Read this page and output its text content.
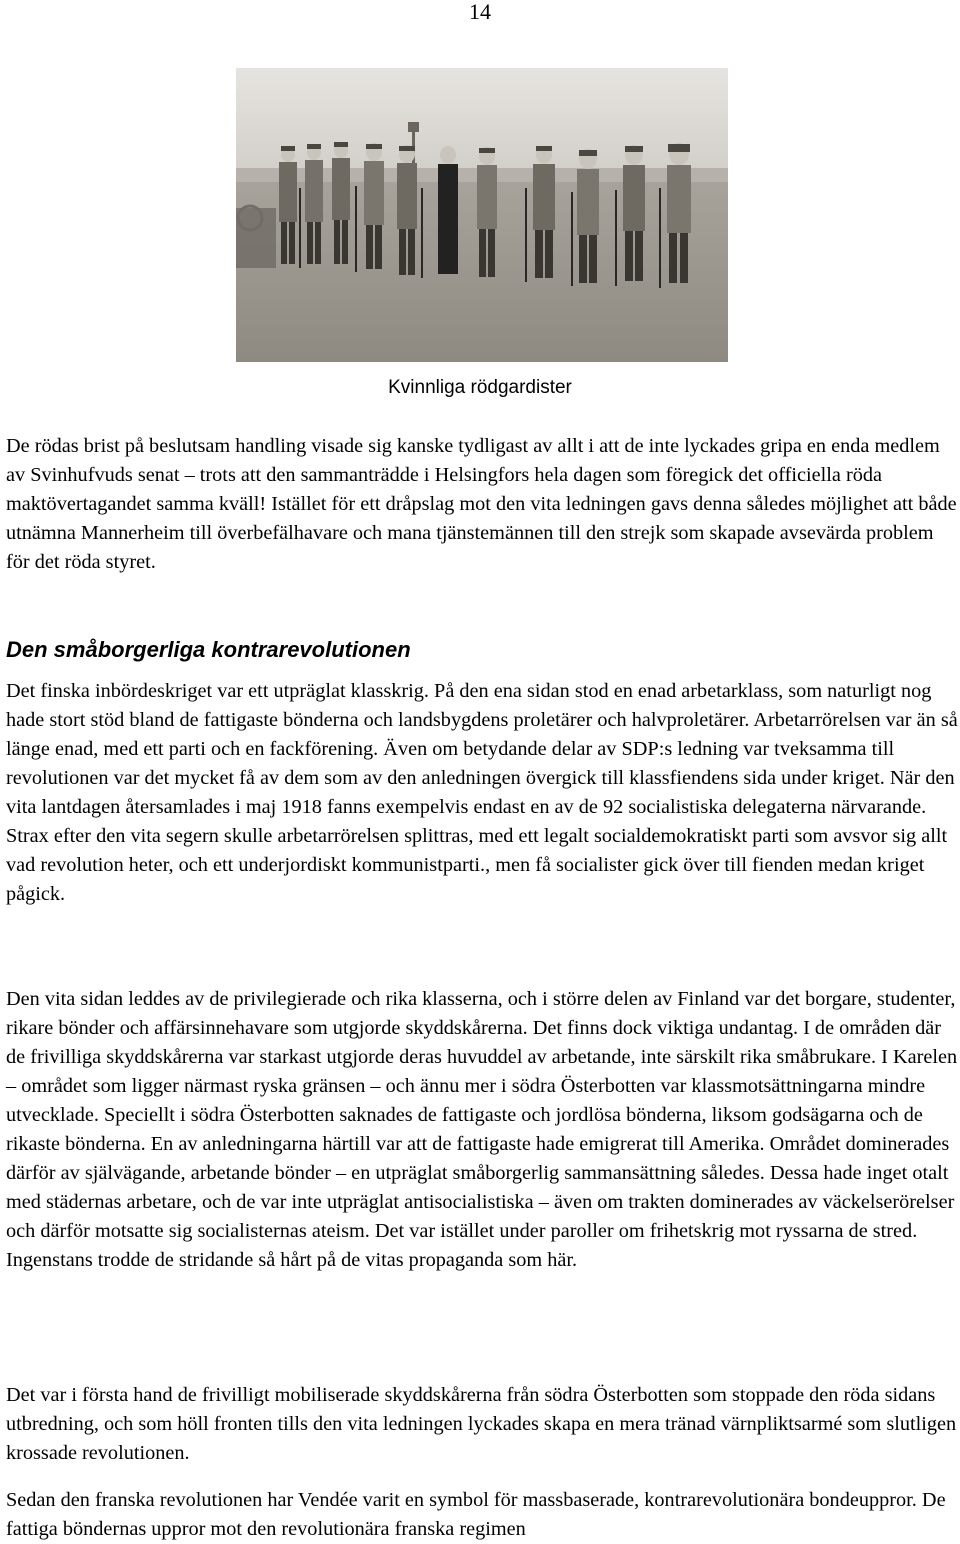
14
Kvinnliga rödgardister

De rödas brist på beslutsam handling visade sig kanske tydligast av allt i att de inte lyckades gripa en enda medlem av Svinhufvuds senat – trots att den sammanträdde i Helsingfors hela dagen som föregick det officiella röda maktövertagandet samma kväll! Istället för ett dråpslag mot den vita ledningen gavs denna således möjlighet att både utnämna Mannerheim till överbefälhavare och mana tjänstemännen till den strejk som skapade avsevärda problem för det röda styret.

Den småborgerliga kontrarevolutionen

Det finska inbördeskriget var ett utpräglat klasskrig. På den ena sidan stod en enad arbetarklass, som naturligt nog hade stort stöd bland de fattigaste bönderna och landsbygdens proletärer och halvproletärer. Arbetarrörelsen var än så länge enad, med ett parti och en fackförening. Även om betydande delar av SDP:s ledning var tveksamma till revolutionen var det mycket få av dem som av den anledningen övergick till klassfiendens sida under kriget. När den vita lantdagen återsamlades i maj 1918 fanns exempelvis endast en av de 92 socialistiska delegaterna närvarande. Strax efter den vita segern skulle arbetarrörelsen splittras, med ett legalt socialdemokratiskt parti som avsvor sig allt vad revolution heter, och ett underjordiskt kommunistparti., men få socialister gick över till fienden medan kriget pågick.

Den vita sidan leddes av de privilegierade och rika klasserna, och i större delen av Finland var det borgare, studenter, rikare bönder och affärsinnehavare som utgjorde skyddskårerna. Det finns dock viktiga undantag. I de områden där de frivilliga skyddskårerna var starkast utgjorde deras huvuddel av arbetande, inte särskilt rika småbrukare. I Karelen – området som ligger närmast ryska gränsen – och ännu mer i södra Österbotten var klassmotsättningarna mindre utvecklade. Speciellt i södra Österbotten saknades de fattigaste och jordlösa bönderna, liksom godsägarna och de rikaste bönderna. En av anledningarna härtill var att de fattigaste hade emigrerat till Amerika. Området dominerades därför av självägande, arbetande bönder – en utpräglat småborgerlig sammansättning således. Dessa hade inget otalt med städernas arbetare, och de var inte utpräglat antisocialistiska – även om trakten dominerades av väckelserörelser och därför motsatte sig socialisternas ateism. Det var istället under paroller om frihetskrig mot ryssarna de stred. Ingenstans trodde de stridande så hårt på de vitas propaganda som här.

Det var i första hand de frivilligt mobiliserade skyddskårerna från södra Österbotten som stoppade den röda sidans utbredning, och som höll fronten tills den vita ledningen lyckades skapa en mera tränad värnpliktsarmé som slutligen krossade revolutionen.

Sedan den franska revolutionen har Vendée varit en symbol för massbaserade, kontrarevolutionära bondeuppror. De fattiga böndernas uppror mot den revolutionära franska regimen
